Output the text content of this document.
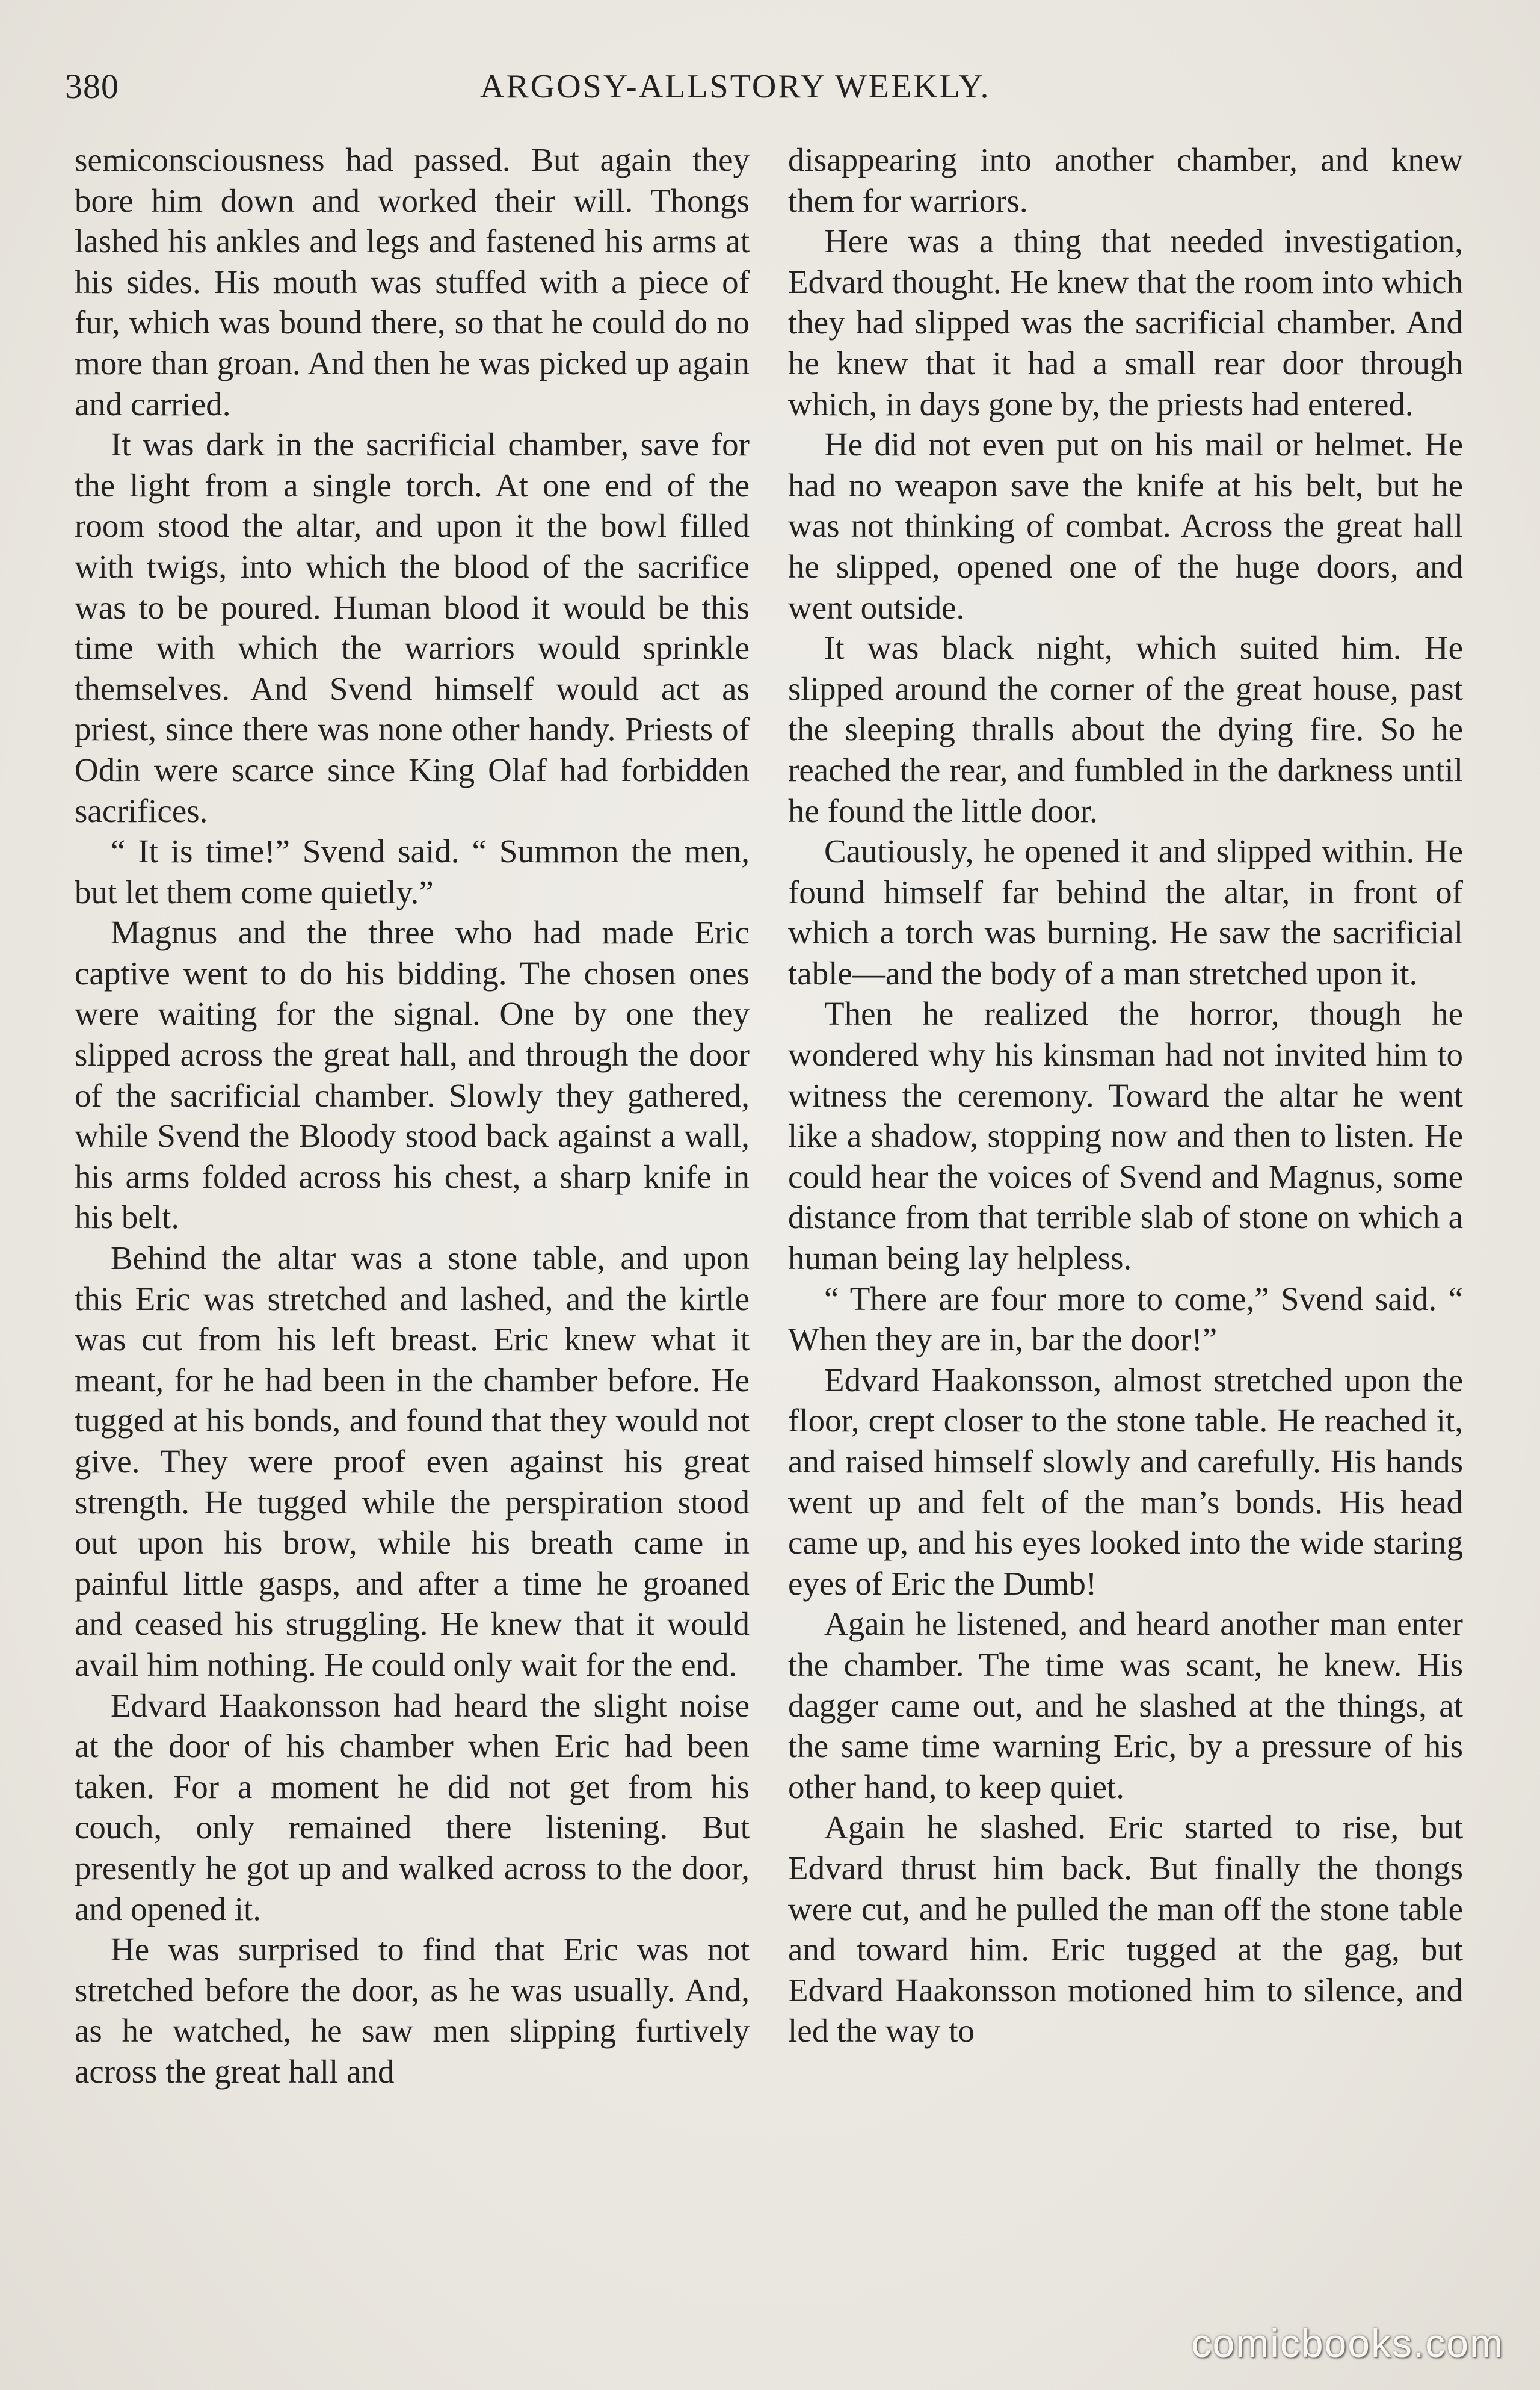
380	ARGOSY-ALLSTORY WEEKLY.

semiconsciousness had passed. But again they bore him down and worked their will. Thongs lashed his ankles and legs and fastened his arms at his sides. His mouth was stuffed with a piece of fur, which was bound there, so that he could do no more than groan. And then he was picked up again and carried.

It was dark in the sacrificial chamber, save for the light from a single torch. At one end of the room stood the altar, and upon it the bowl filled with twigs, into which the blood of the sacrifice was to be poured. Human blood it would be this time with which the warriors would sprinkle themselves. And Svend himself would act as priest, since there was none other handy. Priests of Odin were scarce since King Olaf had forbidden sacrifices.

“ It is time!” Svend said. “ Summon the men, but let them come quietly.”

Magnus and the three who had made Eric captive went to do his bidding. The chosen ones were waiting for the signal. One by one they slipped across the great hall, and through the door of the sacrificial chamber. Slowly they gathered, while Svend the Bloody stood back against a wall, his arms folded across his chest, a sharp knife in his belt.

Behind the altar was a stone table, and upon this Eric was stretched and lashed, and the kirtle was cut from his left breast. Eric knew what it meant, for he had been in the chamber before. He tugged at his bonds, and found that they would not give. They were proof even against his great strength. He tugged while the perspiration stood out upon his brow, while his breath came in painful little gasps, and after a time he groaned and ceased his struggling. He knew that it would avail him nothing. He could only wait for the end.

Edvard Haakonsson had heard the slight noise at the door of his chamber when Eric had been taken. For a moment he did not get from his couch, only remained there listening. But presently he got up and walked across to the door, and opened it.

He was surprised to find that Eric was not stretched before the door, as he was usually. And, as he watched, he saw men slipping furtively across the great hall and

disappearing into another chamber, and knew them for warriors.

Here was a thing that needed investigation, Edvard thought. He knew that the room into which they had slipped was the sacrificial chamber. And he knew that it had a small rear door through which, in days gone by, the priests had entered.

He did not even put on his mail or helmet. He had no weapon save the knife at his belt, but he was not thinking of combat. Across the great hall he slipped, opened one of the huge doors, and went outside.

It was black night, which suited him. He slipped around the corner of the great house, past the sleeping thralls about the dying fire. So he reached the rear, and fumbled in the darkness until he found the little door.

Cautiously, he opened it and slipped within. He found himself far behind the altar, in front of which a torch was burning. He saw the sacrificial table—and the body of a man stretched upon it.

Then he realized the horror, though he wondered why his kinsman had not invited him to witness the ceremony. Toward the altar he went like a shadow, stopping now and then to listen. He could hear the voices of Svend and Magnus, some distance from that terrible slab of stone on which a human being lay helpless.

“ There are four more to come,” Svend said. “ When they are in, bar the door!”

Edvard Haakonsson, almost stretched upon the floor, crept closer to the stone table. He reached it, and raised himself slowly and carefully. His hands went up and felt of the man’s bonds. His head came up, and his eyes looked into the wide staring eyes of Eric the Dumb!

Again he listened, and heard another man enter the chamber. The time was scant, he knew. His dagger came out, and he slashed at the things, at the same time warning Eric, by a pressure of his other hand, to keep quiet.

Again he slashed. Eric started to rise, but Edvard thrust him back. But finally the thongs were cut, and he pulled the man off the stone table and toward him. Eric tugged at the gag, but Edvard Haakonsson motioned him to silence, and led the way to

comicbooks.com
